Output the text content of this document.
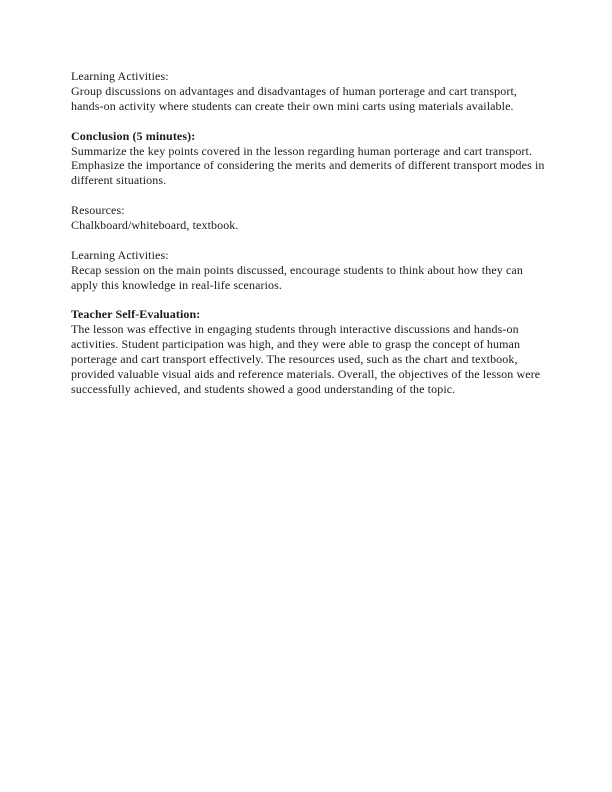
Learning Activities:
Group discussions on advantages and disadvantages of human porterage and cart transport,
hands-on activity where students can create their own mini carts using materials available.
Conclusion (5 minutes):
Summarize the key points covered in the lesson regarding human porterage and cart transport.
Emphasize the importance of considering the merits and demerits of different transport modes in
different situations.
Resources:
Chalkboard/whiteboard, textbook.
Learning Activities:
Recap session on the main points discussed, encourage students to think about how they can
apply this knowledge in real-life scenarios.
Teacher Self-Evaluation:
The lesson was effective in engaging students through interactive discussions and hands-on
activities. Student participation was high, and they were able to grasp the concept of human
porterage and cart transport effectively. The resources used, such as the chart and textbook,
provided valuable visual aids and reference materials. Overall, the objectives of the lesson were
successfully achieved, and students showed a good understanding of the topic.
